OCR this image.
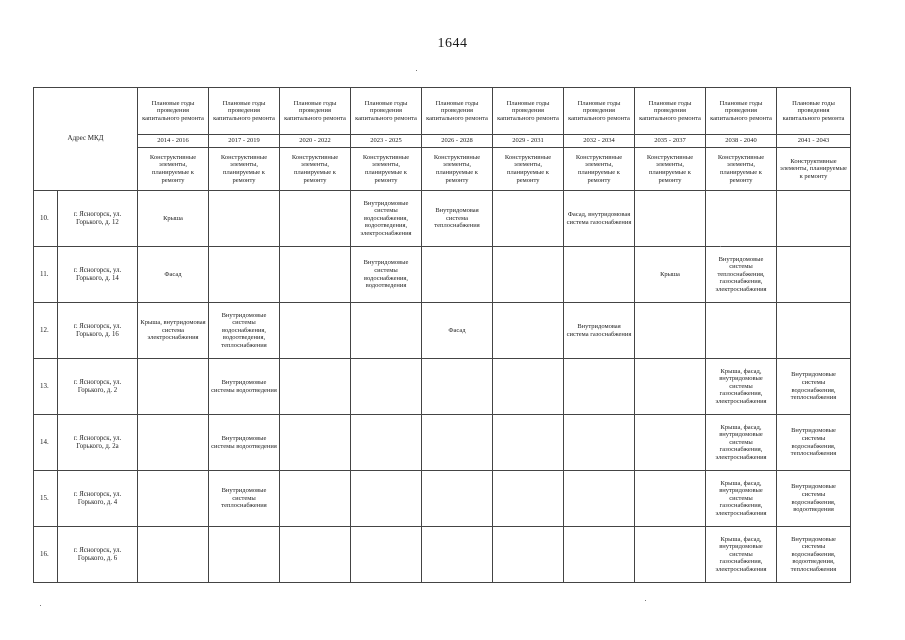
1644
Адрес МКД		Плановые годы проведения капитального ремонта	Плановые годы проведения капитального ремонта	Плановые годы проведения капитального ремонта	Плановые годы проведения капитального ремонта	Плановые годы проведения капитального ремонта	Плановые годы проведения капитального ремонта	Плановые годы проведения капитального ремонта	Плановые годы проведения капитального ремонта	Плановые годы проведения капитального ремонта	Плановые годы проведения капитального ремонта
		2014 - 2016	2017 - 2019	2020 - 2022	2023 - 2025	2026 - 2028	2029 - 2031	2032 - 2034	2035 - 2037	2038 - 2040	2041 - 2043
		Конструктивные элементы, планируемые к ремонту	Конструктивные элементы, планируемые к ремонту	Конструктивные элементы, планируемые к ремонту	Конструктивные элементы, планируемые к ремонту	Конструктивные элементы, планируемые к ремонту	Конструктивные элементы, планируемые к ремонту	Конструктивные элементы, планируемые к ремонту	Конструктивные элементы, планируемые к ремонту	Конструктивные элементы, планируемые к ремонту	Конструктивные элементы, планируемые к ремонту
10.	г. Ясногорск, ул. Горького, д. 12	Крыша			Внутридомовые системы водоснабжения, водоотведения, электроснабжения	Внутридомовая система теплоснабжения		Фасад, внутридомовая система газоснабжения			
11.	г. Ясногорск, ул. Горького, д. 14	Фасад			Внутридомовые системы водоснабжения, водоотведения				Крыша	Внутридомовые системы теплоснабжения, газоснабжения, электроснабжения	
12.	г. Ясногорск, ул. Горького, д. 16	Крыша, внутридомовая система электроснабжения	Внутридомовые системы водоснабжения, водоотведения, теплоснабжения			Фасад		Внутридомовая система газоснабжения			
13.	г. Ясногорск, ул. Горького, д. 2		Внутридомовые системы водоотведения							Крыша, фасад, внутридомовые системы газоснабжения, электроснабжения	Внутридомовые системы водоснабжения, теплоснабжения
14.	г. Ясногорск, ул. Горького, д. 2а		Внутридомовые системы водоотведения							Крыша, фасад, внутридомовые системы газоснабжения, электроснабжения	Внутридомовые системы водоснабжения, теплоснабжения
15.	г. Ясногорск, ул. Горького, д. 4		Внутридомовые системы теплоснабжения							Крыша, фасад, внутридомовые системы газоснабжения, электроснабжения	Внутридомовые системы водоснабжения, водоотведения
16.	г. Ясногорск, ул. Горького, д. 6									Крыша, фасад, внутридомовые системы газоснабжения, электроснабжения	Внутридомовые системы водоснабжения, водоотведения, теплоснабжения
